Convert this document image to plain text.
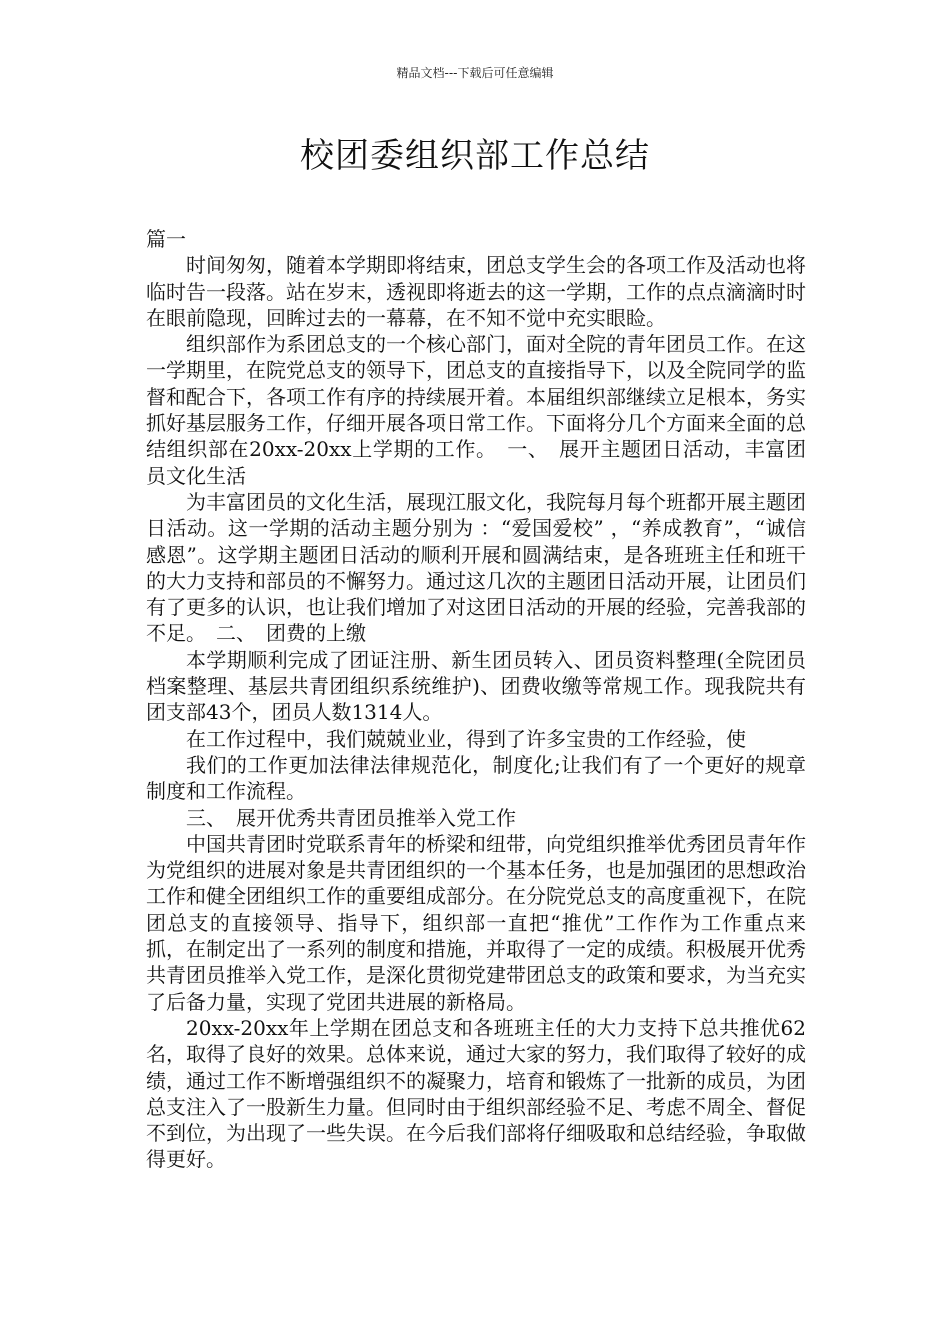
精品文档---下载后可任意编辑
校团委组织部工作总结

篇一

时间匆匆，随着本学期即将结束，团总支学生会的各项工作及活动也将临时告一段落。站在岁末，透视即将逝去的这一学期，工作的点点滴滴时时在眼前隐现，回眸过去的一幕幕，在不知不觉中充实眼睑。

组织部作为系团总支的一个核心部门，面对全院的青年团员工作。在这一学期里，在院党总支的领导下，团总支的直接指导下，以及全院同学的监督和配合下，各项工作有序的持续展开着。本届组织部继续立足根本，务实抓好基层服务工作，仔细开展各项日常工作。下面将分几个方面来全面的总结组织部在20xx-20xx上学期的工作。　一、　展开主题团日活动，丰富团员文化生活

为丰富团员的文化生活，展现江服文化，我院每月每个班都开展主题团日活动。这一学期的活动主题分别为 ：“爱国爱校” ，“养成教育”，“诚信感恩”。这学期主题团日活动的顺利开展和圆满结束，是各班班主任和班干的大力支持和部员的不懈努力。通过这几次的主题团日活动开展，让团员们有了更多的认识，也让我们增加了对这团日活动的开展的经验，完善我部的不足。　二、　团费的上缴

本学期顺利完成了团证注册、新生团员转入、团员资料整理(全院团员档案整理、基层共青团组织系统维护)、团费收缴等常规工作。现我院共有团支部43个，团员人数1314人。

在工作过程中，我们兢兢业业，得到了许多宝贵的工作经验，使

我们的工作更加法律法律规范化，制度化;让我们有了一个更好的规章制度和工作流程。

三、　展开优秀共青团员推举入党工作

中国共青团时党联系青年的桥梁和纽带，向党组织推举优秀团员青年作为党组织的进展对象是共青团组织的一个基本任务，也是加强团的思想政治工作和健全团组织工作的重要组成部分。在分院党总支的高度重视下，在院团总支的直接领导、指导下，组织部一直把“推优”工作作为工作重点来抓，在制定出了一系列的制度和措施，并取得了一定的成绩。积极展开优秀共青团员推举入党工作，是深化贯彻党建带团总支的政策和要求，为当充实了后备力量，实现了党团共进展的新格局。

20xx-20xx年上学期在团总支和各班班主任的大力支持下总共推优62名，取得了良好的效果。总体来说，通过大家的努力，我们取得了较好的成绩，通过工作不断增强组织不的凝聚力，培育和锻炼了一批新的成员，为团总支注入了一股新生力量。但同时由于组织部经验不足、考虑不周全、督促不到位，为出现了一些失误。在今后我们部将仔细吸取和总结经验，争取做得更好。
